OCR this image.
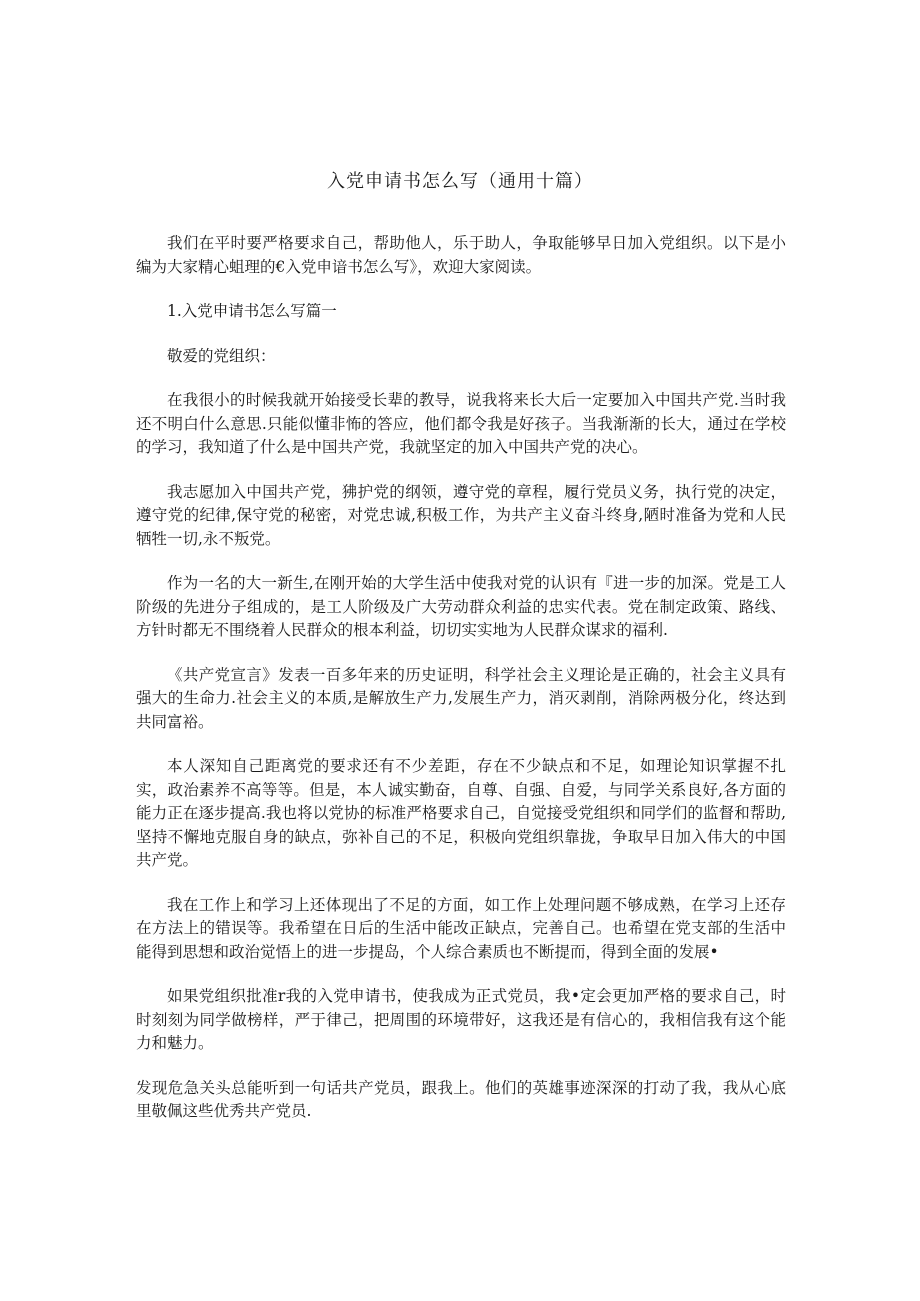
入党申请书怎么写（通用十篇）

我们在平时要严格要求自己，帮助他人，乐于助人，争取能够早日加入党组织。以下是小编为大家精心蛆理的€入党申谙书怎么写》，欢迎大家阅读。

1.入党申请书怎么写篇一

敬爱的党组织：

在我很小的时候我就开始接受长辈的教导，说我将来长大后一定要加入中国共产党.当时我还不明白什么意思.只能似懂非怖的答应，他们都令我是好孩子。当我渐渐的长大，通过在学校的学习，我知道了什么是中国共产党，我就坚定的加入中国共产党的决心。

我志愿加入中国共产党，狒护党的纲领，遵守党的章程，履行党员义务，执行党的决定，遵守党的纪律,保守党的秘密，对党忠诚,积极工作，为共产主义奋斗终身,陋时准备为党和人民牺牲一切,永不叛党。

作为一名的大一新生,在刚开始的大学生活中使我对党的认识有『进一步的加深。党是工人阶级的先进分子组成的，是工人阶级及广大劳动群众利益的忠实代表。党在制定政策、路线、方针时都无不围绕着人民群众的根本利益，切切实实地为人民群众谋求的福利.

《共产党宣言》发表一百多年来的历史证明，科学社会主义理论是正确的，社会主义具有强大的生命力.社会主义的本质,是解放生产力,发展生产力，消灭剥削，消除两极分化，终达到共同富裕。

本人深知自己距离党的要求还有不少差距，存在不少缺点和不足，如理论知识掌握不扎实，政治素养不高等等。但是，本人诚实勤奋，自尊、自强、自爱，与同学关系良好,各方面的能力正在逐步提高.我也将以党协的标准严格要求自己，自觉接受党组织和同学们的监督和帮助,坚持不懈地克服自身的缺点，弥补自己的不足，积极向党组织靠拢，争取早日加入伟大的中国共产党。

我在工作上和学习上还体现出了不足的方面，如工作上处理问题不够成熟，在学习上还存在方法上的错误等。我希望在日后的生活中能改正缺点，完善自己。也希望在党支部的生活中能得到思想和政治觉悟上的进一步提岛，个人综合素质也不断提而，得到全面的发展•

如果党组织批准r我的入党申请书，使我成为正式党员，我•定会更加严格的要求自己，时时刻刻为同学做榜样，严于律己，把周围的环境带好，这我还是有信心的，我相信我有这个能力和魅力。

发现危急关头总能听到一句话共产党员，跟我上。他们的英雄事迹深深的打动了我，我从心底里敬佩这些优秀共产党员.
